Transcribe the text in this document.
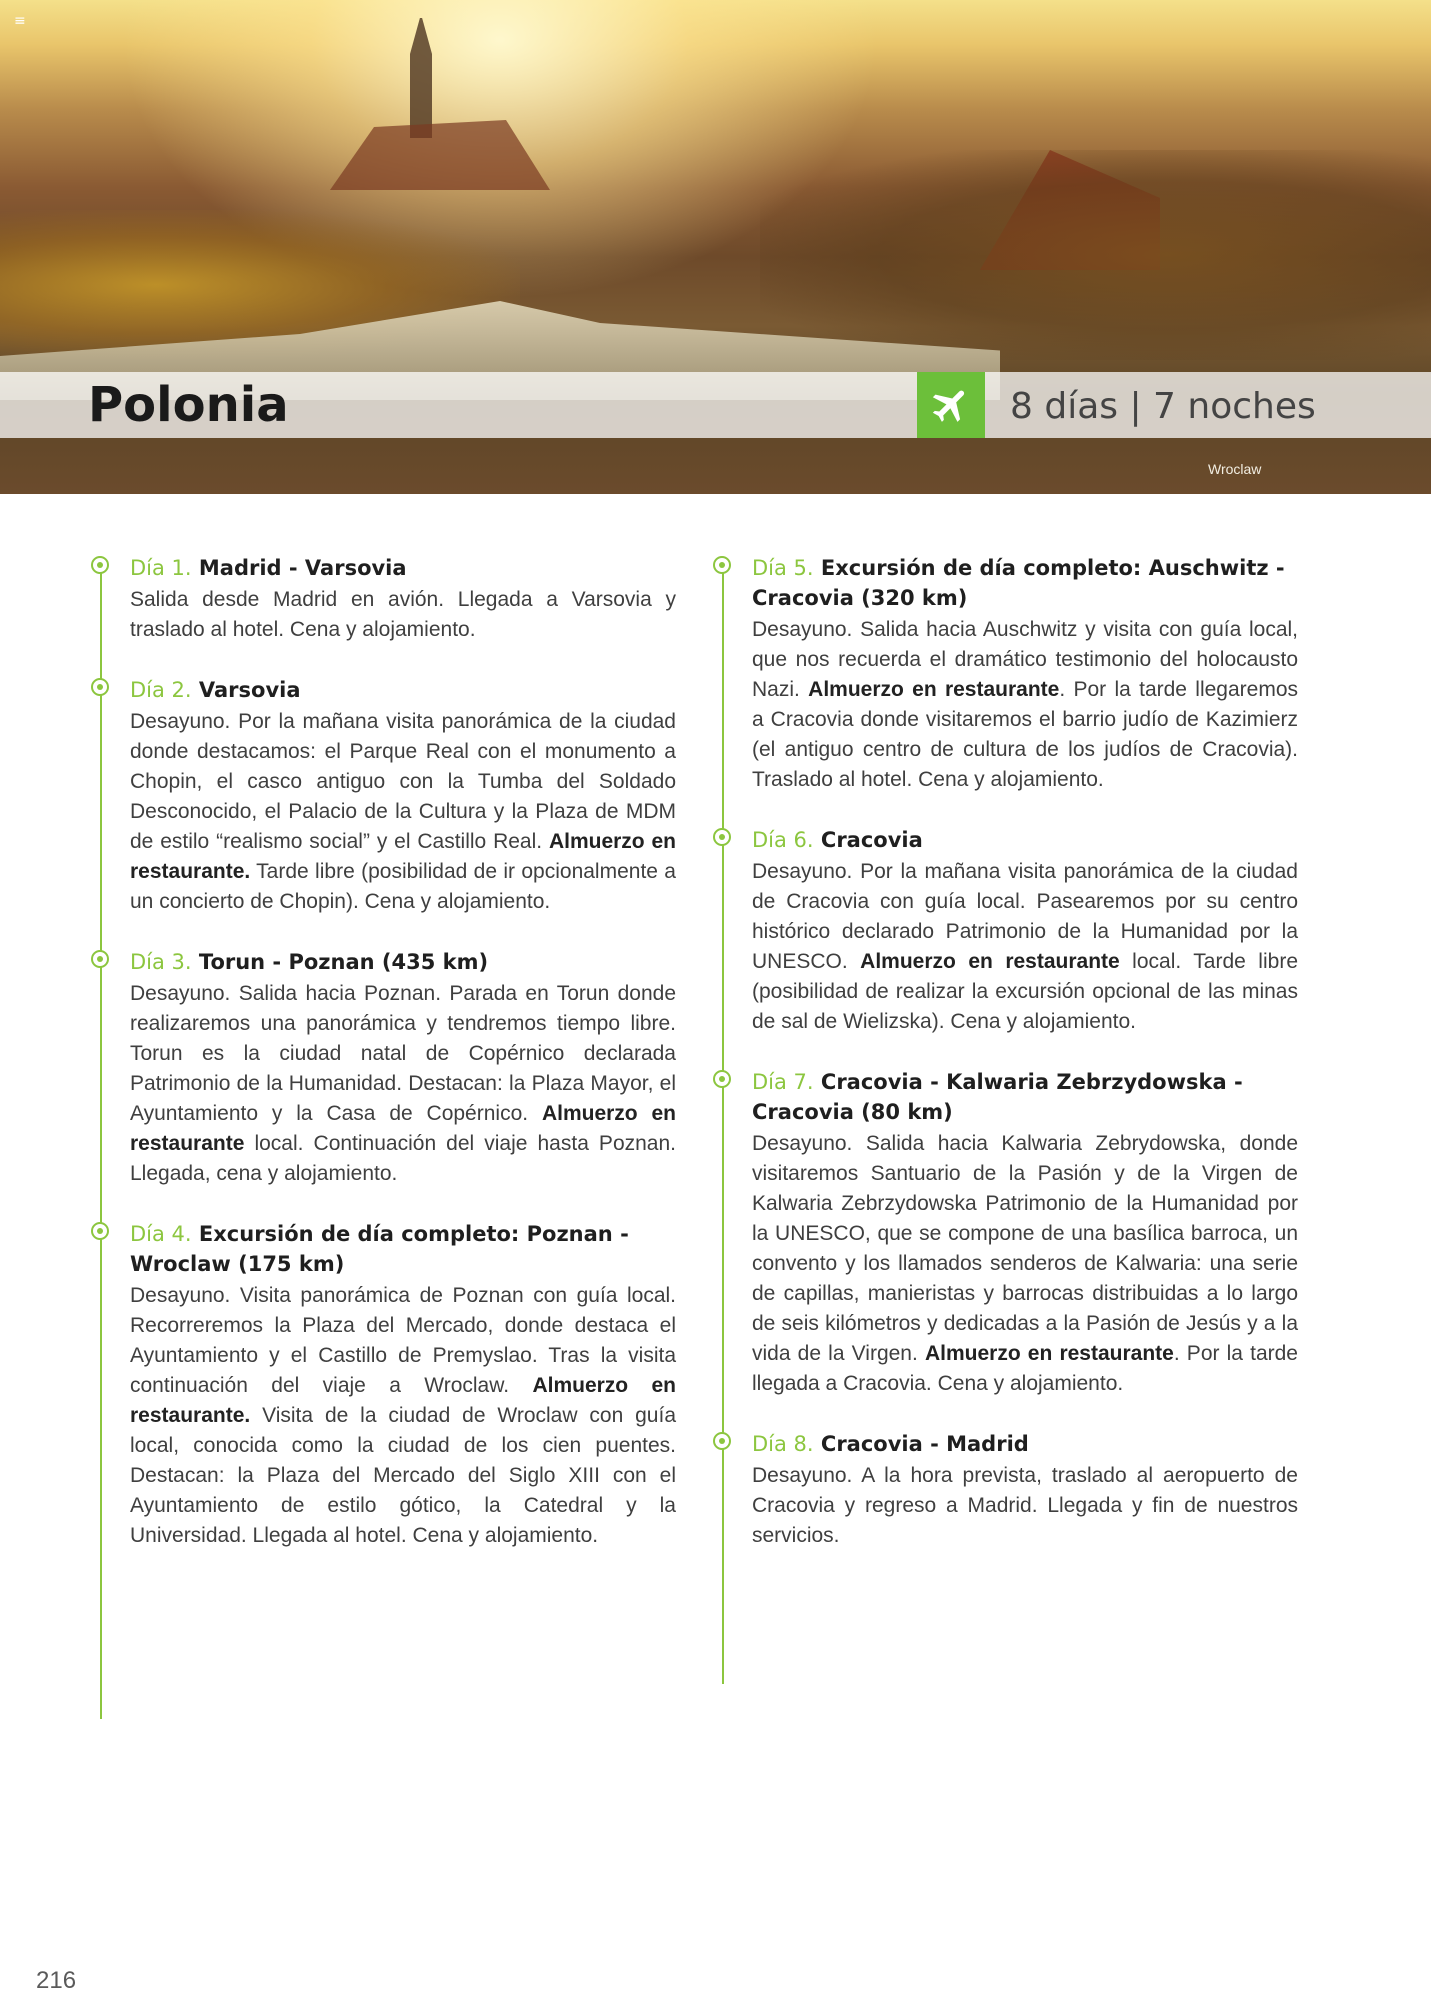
≡
Wroclaw
Polonia	8 días | 7 noches

Día 1. Madrid - Varsovia

Salida desde Madrid en avión. Llegada a Varsovia y traslado al hotel. Cena y alojamiento.

Día 2. Varsovia

Desayuno. Por la mañana visita panorámica de la ciudad donde destacamos: el Parque Real con el monumento a Chopin, el casco antiguo con la Tumba del Soldado Desconocido, el Palacio de la Cultura y la Plaza de MDM de estilo “realismo social” y el Castillo Real. Almuerzo en restaurante. Tarde libre (posibilidad de ir opcionalmente a un concierto de Chopin). Cena y alojamiento.

Día 3. Torun - Poznan (435 km)

Desayuno. Salida hacia Poznan. Parada en Torun donde realizaremos una panorámica y tendremos tiempo libre. Torun es la ciudad natal de Copérnico declarada Patrimonio de la Humanidad. Destacan: la Plaza Mayor, el Ayuntamiento y la Casa de Copérnico. Almuerzo en restaurante local. Continuación del viaje hasta Poznan. Llegada, cena y alojamiento.

Día 4. Excursión de día completo: Poznan - Wroclaw (175 km)

Desayuno. Visita panorámica de Poznan con guía local. Recorreremos la Plaza del Mercado, donde destaca el Ayuntamiento y el Castillo de Premyslao. Tras la visita continuación del viaje a Wroclaw. Almuerzo en restaurante. Visita de la ciudad de Wroclaw con guía local, conocida como la ciudad de los cien puentes. Destacan: la Plaza del Mercado del Siglo XIII con el Ayuntamiento de estilo gótico, la Catedral y la Universidad. Llegada al hotel. Cena y alojamiento.

Día 5. Excursión de día completo: Auschwitz - Cracovia (320 km)

Desayuno. Salida hacia Auschwitz y visita con guía local, que nos recuerda el dramático testimonio del holocausto Nazi. Almuerzo en restaurante. Por la tarde llegaremos a Cracovia donde visitaremos el barrio judío de Kazimierz (el antiguo centro de cultura de los judíos de Cracovia). Traslado al hotel. Cena y alojamiento.

Día 6. Cracovia

Desayuno. Por la mañana visita panorámica de la ciudad de Cracovia con guía local. Pasearemos por su centro histórico declarado Patrimonio de la Humanidad por la UNESCO. Almuerzo en restaurante local. Tarde libre (posibilidad de realizar la excursión opcional de las minas de sal de Wielizska). Cena y alojamiento.

Día 7. Cracovia - Kalwaria Zebrzydowska - Cracovia (80 km)

Desayuno. Salida hacia Kalwaria Zebrydowska, donde visitaremos Santuario de la Pasión y de la Virgen de Kalwaria Zebrzydowska Patrimonio de la Humanidad por la UNESCO, que se compone de una basílica barroca, un convento y los llamados senderos de Kalwaria: una serie de capillas, manieristas y barrocas distribuidas a lo largo de seis kilómetros y dedicadas a la Pasión de Jesús y a la vida de la Virgen. Almuerzo en restaurante. Por la tarde llegada a Cracovia. Cena y alojamiento.

Día 8. Cracovia - Madrid

Desayuno. A la hora prevista, traslado al aeropuerto de Cracovia y regreso a Madrid. Llegada y fin de nuestros servicios.

216
